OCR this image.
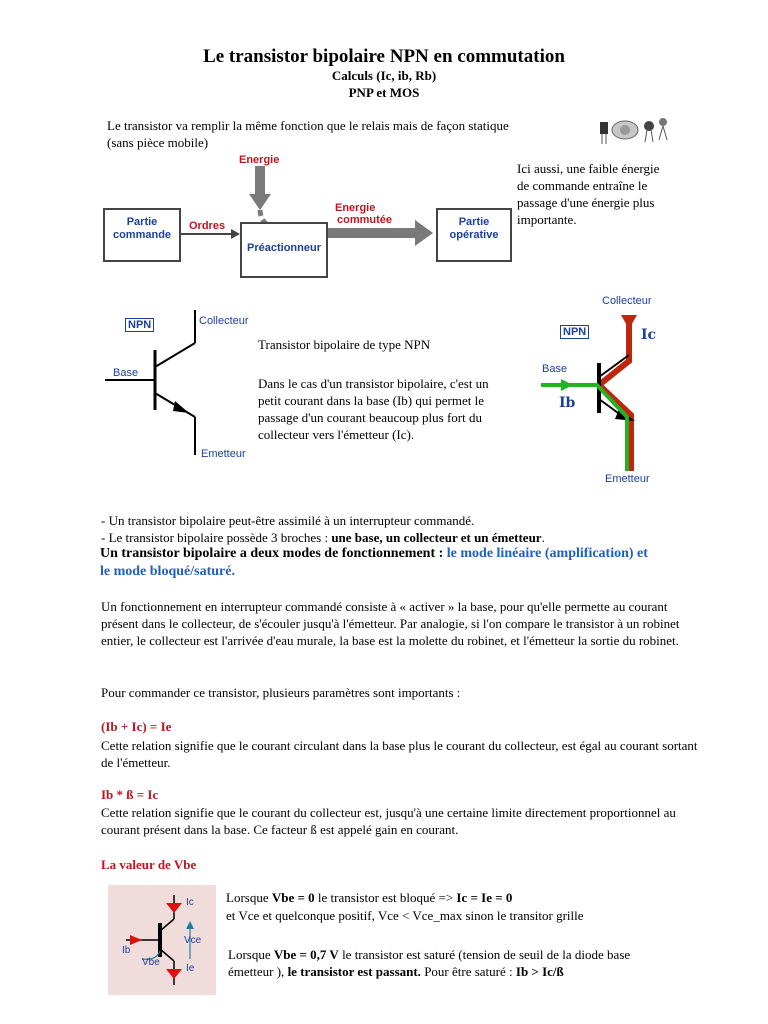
Le transistor bipolaire NPN en commutation
Calculs (Ic, ib, Rb)
PNP et MOS
Le transistor va remplir la même fonction que le relais mais de façon statique
(sans pièce mobile)
Energie
Energie
commutée
Ordres
Partie
commande
Préactionneur
Partie
opérative
Ici aussi, une faible énergie de commande entraîne le passage d'une énergie plus importante.
NPN	Collecteur
Base
Emetteur
Transistor bipolaire de type NPN
Dans le cas d'un transistor bipolaire, c'est un petit courant dans la base (Ib) qui permet le passage d'un courant beaucoup plus fort du collecteur vers l'émetteur (Ic).
NPN
Collecteur
Base
Ic
Ib
Emetteur
- Un transistor bipolaire peut-être assimilé à un interrupteur commandé.
- Le transistor bipolaire possède 3 broches : une base, un collecteur et un émetteur.
Un transistor bipolaire a deux modes de fonctionnement : le mode linéaire (amplification) et le mode bloqué/saturé.
Un fonctionnement en interrupteur commandé consiste à « activer » la base, pour qu'elle permette au courant présent dans le collecteur, de s'écouler jusqu'à l'émetteur. Par analogie, si l'on compare le transistor à un robinet entier, le collecteur est l'arrivée d'eau murale, la base est la molette du robinet, et l'émetteur la sortie du robinet.
Pour commander ce transistor, plusieurs paramètres sont importants :
(Ib + Ic) = Ie
Cette relation signifie que le courant circulant dans la base plus le courant du collecteur, est égal au courant sortant de l'émetteur.
Ib * ß = Ic
Cette relation signifie que le courant du collecteur est, jusqu'à une certaine limite directement proportionnel au courant présent dans la base. Ce facteur ß est appelé gain en courant.
La valeur de Vbe
Ic
Vce
Ib
Vbe
Ie
Lorsque Vbe = 0 le transistor est bloqué => Ic = Ie = 0
et Vce et quelconque positif, Vce < Vce_max sinon le transitor grille
Lorsque Vbe = 0,7 V le transistor est saturé (tension de seuil de la diode base émetteur ), le transistor est passant. Pour être saturé : Ib > Ic/ß
